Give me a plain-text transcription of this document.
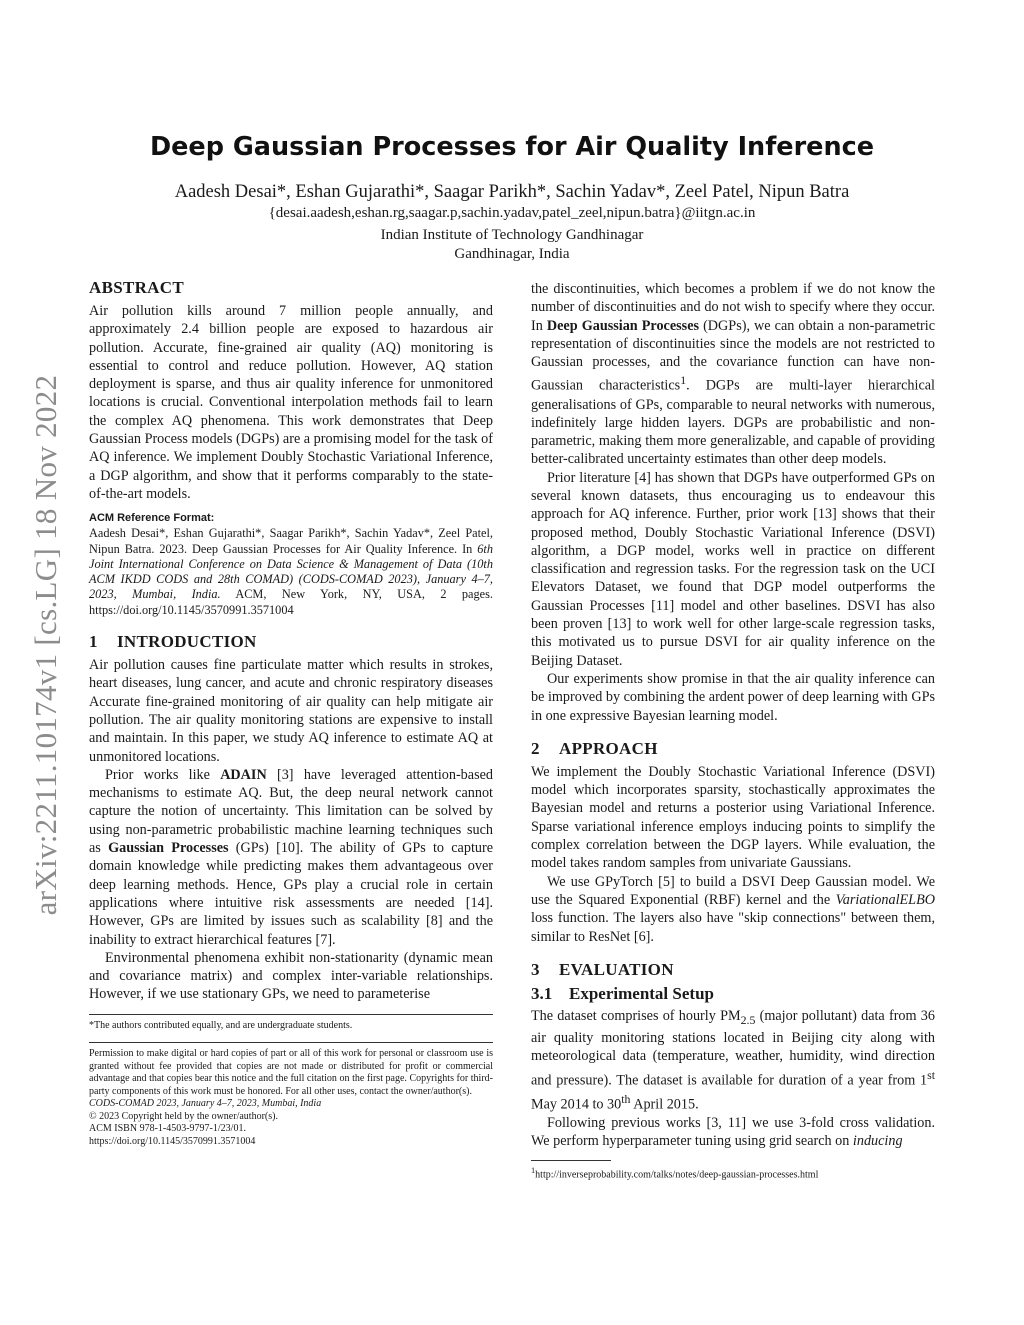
arXiv:2211.10174v1 [cs.LG] 18 Nov 2022
Deep Gaussian Processes for Air Quality Inference
Aadesh Desai*, Eshan Gujarathi*, Saagar Parikh*, Sachin Yadav*, Zeel Patel, Nipun Batra
{desai.aadesh,eshan.rg,saagar.p,sachin.yadav,patel_zeel,nipun.batra}@iitgn.ac.in
Indian Institute of Technology Gandhinagar
Gandhinagar, India
ABSTRACT

Air pollution kills around 7 million people annually, and approximately 2.4 billion people are exposed to hazardous air pollution. Accurate, fine-grained air quality (AQ) monitoring is essential to control and reduce pollution. However, AQ station deployment is sparse, and thus air quality inference for unmonitored locations is crucial. Conventional interpolation methods fail to learn the complex AQ phenomena. This work demonstrates that Deep Gaussian Process models (DGPs) are a promising model for the task of AQ inference. We implement Doubly Stochastic Variational Inference, a DGP algorithm, and show that it performs comparably to the state-of-the-art models.

ACM Reference Format:

Aadesh Desai*, Eshan Gujarathi*, Saagar Parikh*, Sachin Yadav*, Zeel Patel, Nipun Batra. 2023. Deep Gaussian Processes for Air Quality Inference. In 6th Joint International Conference on Data Science & Management of Data (10th ACM IKDD CODS and 28th COMAD) (CODS-COMAD 2023), January 4–7, 2023, Mumbai, India. ACM, New York, NY, USA, 2 pages. https://doi.org/10.1145/3570991.3571004

1 INTRODUCTION

Air pollution causes fine particulate matter which results in strokes, heart diseases, lung cancer, and acute and chronic respiratory diseases Accurate fine-grained monitoring of air quality can help mitigate air pollution. The air quality monitoring stations are expensive to install and maintain. In this paper, we study AQ inference to estimate AQ at unmonitored locations.

Prior works like ADAIN [3] have leveraged attention-based mechanisms to estimate AQ. But, the deep neural network cannot capture the notion of uncertainty. This limitation can be solved by using non-parametric probabilistic machine learning techniques such as Gaussian Processes (GPs) [10]. The ability of GPs to capture domain knowledge while predicting makes them advantageous over deep learning methods. Hence, GPs play a crucial role in certain applications where intuitive risk assessments are needed [14]. However, GPs are limited by issues such as scalability [8] and the inability to extract hierarchical features [7].

Environmental phenomena exhibit non-stationarity (dynamic mean and covariance matrix) and complex inter-variable relationships. However, if we use stationary GPs, we need to parameterise

*The authors contributed equally, and are undergraduate students.

Permission to make digital or hard copies of part or all of this work for personal or classroom use is granted without fee provided that copies are not made or distributed for profit or commercial advantage and that copies bear this notice and the full citation on the first page. Copyrights for third-party components of this work must be honored. For all other uses, contact the owner/author(s).

CODS-COMAD 2023, January 4–7, 2023, Mumbai, India

© 2023 Copyright held by the owner/author(s).

ACM ISBN 978-1-4503-9797-1/23/01.

https://doi.org/10.1145/3570991.3571004

the discontinuities, which becomes a problem if we do not know the number of discontinuities and do not wish to specify where they occur. In Deep Gaussian Processes (DGPs), we can obtain a non-parametric representation of discontinuities since the models are not restricted to Gaussian processes, and the covariance function can have non-Gaussian characteristics$^1$. DGPs are multi-layer hierarchical generalisations of GPs, comparable to neural networks with numerous, indefinitely large hidden layers. DGPs are probabilistic and non-parametric, making them more generalizable, and capable of providing better-calibrated uncertainty estimates than other deep models.

Prior literature [4] has shown that DGPs have outperformed GPs on several known datasets, thus encouraging us to endeavour this approach for AQ inference. Further, prior work [13] shows that their proposed method, Doubly Stochastic Variational Inference (DSVI) algorithm, a DGP model, works well in practice on different classification and regression tasks. For the regression task on the UCI Elevators Dataset, we found that DGP model outperforms the Gaussian Processes [11] model and other baselines. DSVI has also been proven [13] to work well for other large-scale regression tasks, this motivated us to pursue DSVI for air quality inference on the Beijing Dataset.

Our experiments show promise in that the air quality inference can be improved by combining the ardent power of deep learning with GPs in one expressive Bayesian learning model.

2 APPROACH

We implement the Doubly Stochastic Variational Inference (DSVI) model which incorporates sparsity, stochastically approximates the Bayesian model and returns a posterior using Variational Inference. Sparse variational inference employs inducing points to simplify the complex correlation between the DGP layers. While evaluation, the model takes random samples from univariate Gaussians.

We use GPyTorch [5] to build a DSVI Deep Gaussian model. We use the Squared Exponential (RBF) kernel and the VariationalELBO loss function. The layers also have "skip connections" between them, similar to ResNet [6].

3 EVALUATION
3.1 Experimental Setup

The dataset comprises of hourly $PM_{2.5}$ (major pollutant) data from 36 air quality monitoring stations located in Beijing city along with meteorological data (temperature, weather, humidity, wind direction and pressure). The dataset is available for duration of a year from 1st May 2014 to 30th April 2015.

Following previous works [3, 11] we use 3-fold cross validation. We perform hyperparameter tuning using grid search on inducing

$^1$http://inverseprobability.com/talks/notes/deep-gaussian-processes.html
